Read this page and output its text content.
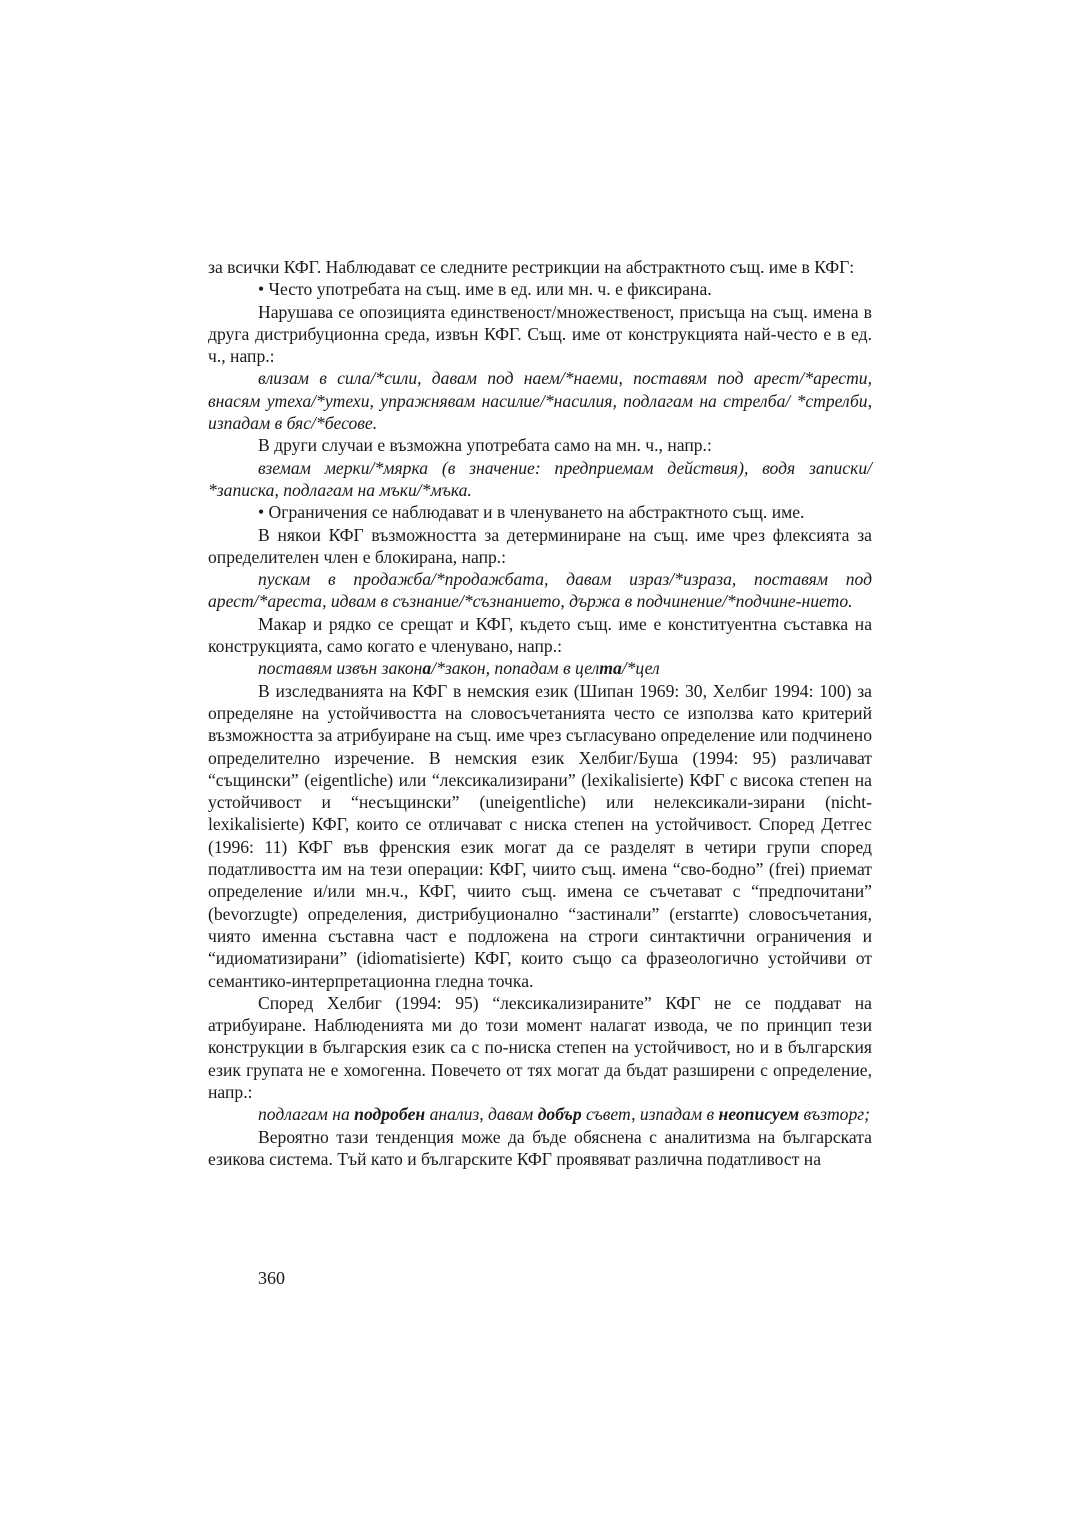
за всички КФГ. Наблюдават се следните рестрикции на абстрактното същ. име в КФГ:

• Често употребата на същ. име в ед. или мн. ч. е фиксирана.

Нарушава се опозицията единственост/множественост, присъща на същ. имена в друга дистрибуционна среда, извън КФГ. Същ. име от конструкцията най-често е в ед. ч., напр.:

влизам в сила/*сили, давам под наем/*наеми, поставям под арест/*арести, внасям утеха/*утехи, упражнявам насилие/*насилия, подлагам на стрелба/ *стрелби, изпадам в бяс/*бесове.

В други случаи е възможна употребата само на мн. ч., напр.:

вземам мерки/*мярка (в значение: предприемам действия), водя записки/ *записка, подлагам на мъки/*мъка.

• Ограничения се наблюдават и в членуването на абстрактното същ. име.

В някои КФГ възможността за детерминиране на същ. име чрез флексията за определителен член е блокирана, напр.:

пускам в продажба/*продажбата, давам израз/*израза, поставям под арест/*ареста, идвам в съзнание/*съзнанието, държа в подчинение/*подчине-нието.

Макар и рядко се срещат и КФГ, където същ. име е конституентна съставка на конструкцията, само когато е членувано, напр.:

поставям извън закона/*закон, попадам в целта/*цел

В изследванията на КФГ в немския език (Шипан 1969: 30, Хелбиг 1994: 100) за определяне на устойчивостта на словосъчетанията често се използва като критерий възможността за атрибуиране на същ. име чрез съгласувано определение или подчинено определително изречение. В немския език Хелбиг/Буша (1994: 95) различават “същински” (eigentliche) или “лексикализирани” (lexikalisierte) КФГ с висока степен на устойчивост и “несъщински” (uneigentliche) или нелексикали-зирани (nicht-lexikalisierte) КФГ, които се отличават с ниска степен на устойчивост. Според Детгес (1996: 11) КФГ във френския език могат да се разделят в четири групи според податливостта им на тези операции: КФГ, чиито същ. имена “сво-бодно” (frei) приемат определение и/или мн.ч., КФГ, чиито същ. имена се съчетават с “предпочитани” (bevorzugte) определения, дистрибуционално “застинали” (erstarrte) словосъчетания, чиято именна съставна част е подложена на строги синтактични ограничения и “идиоматизирани” (idiomatisierte) КФГ, които също са фразеологично устойчиви от семантико-интерпретационна гледна точка.

Според Хелбиг (1994: 95) “лексикализираните” КФГ не се поддават на атрибуиране. Наблюденията ми до този момент налагат извода, че по принцип тези конструкции в българския език са с по-ниска степен на устойчивост, но и в българския език групата не е хомогенна. Повечето от тях могат да бъдат разширени с определение, напр.:

подлагам на подробен анализ, давам добър съвет, изпадам в неописуем възторг;

Вероятно тази тенденция може да бъде обяснена с аналитизма на българската езикова система. Тъй като и българските КФГ проявяват различна податливост на

360
